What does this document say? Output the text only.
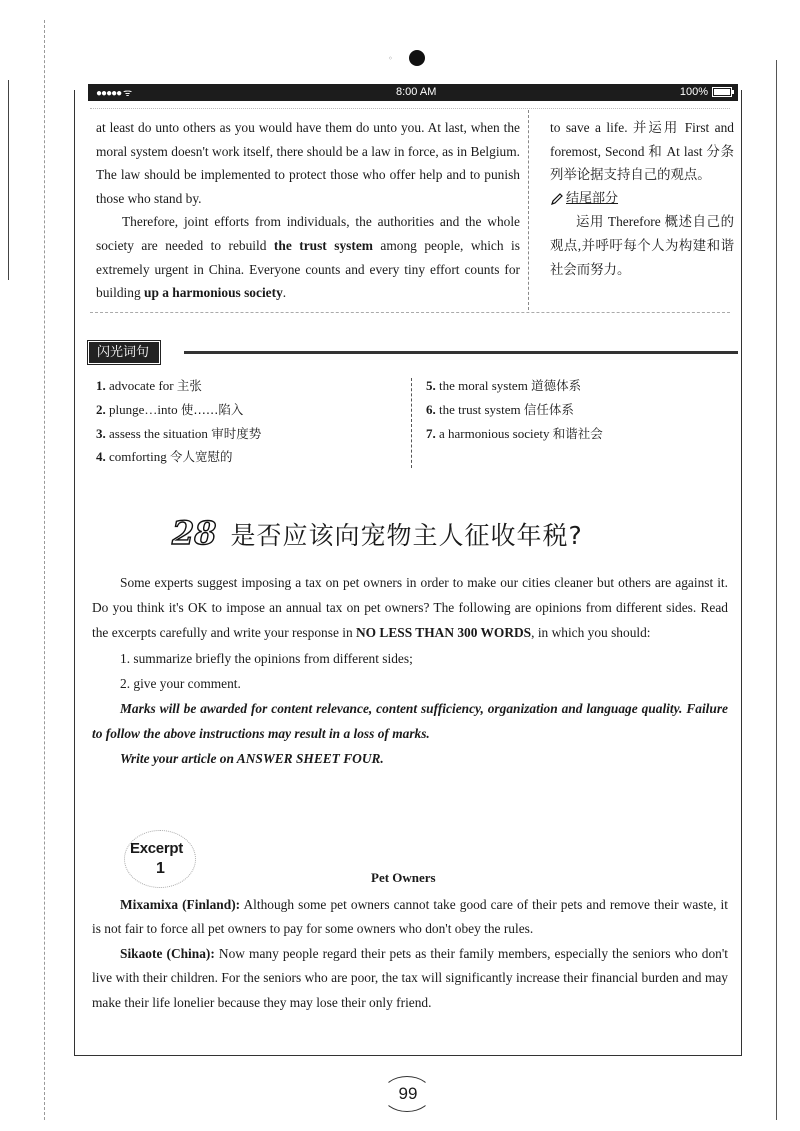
◦
●●●●● ᯤ	8:00 AM	100%

at least do unto others as you would have them do unto you. At last, when the moral system doesn't work itself, there should be a law in force, as in Belgium. The law should be implemented to protect those who offer help and to punish those who stand by.

Therefore, joint efforts from individuals, the authorities and the whole society are needed to rebuild the trust system among people, which is extremely urgent in China. Everyone counts and every tiny effort counts for building up a harmonious society.

to save a life. 并运用 First and foremost, Second 和 At last 分条列举论据支持自己的观点。

结尾部分

运用 Therefore 概述自己的观点,并呼吁每个人为构建和谐社会而努力。

闪光词句
1. advocate for 主张
2. plunge…into 使……陷入
3. assess the situation 审时度势
4. comforting 令人宽慰的
5. the moral system 道德体系
6. the trust system 信任体系
7. a harmonious society 和谐社会
28 是否应该向宠物主人征收年税?

Some experts suggest imposing a tax on pet owners in order to make our cities cleaner but others are against it. Do you think it's OK to impose an annual tax on pet owners? The following are opinions from different sides. Read the excerpts carefully and write your response in NO LESS THAN 300 WORDS, in which you should:

1. summarize briefly the opinions from different sides;

2. give your comment.

Marks will be awarded for content relevance, content sufficiency, organization and language quality. Failure to follow the above instructions may result in a loss of marks.

Write your article on ANSWER SHEET FOUR.

Excerpt
1
Pet Owners

Mixamixa (Finland): Although some pet owners cannot take good care of their pets and remove their waste, it is not fair to force all pet owners to pay for some owners who don't obey the rules.

Sikaote (China): Now many people regard their pets as their family members, especially the seniors who don't live with their children. For the seniors who are poor, the tax will significantly increase their financial burden and may make their life lonelier because they may lose their only friend.

99
